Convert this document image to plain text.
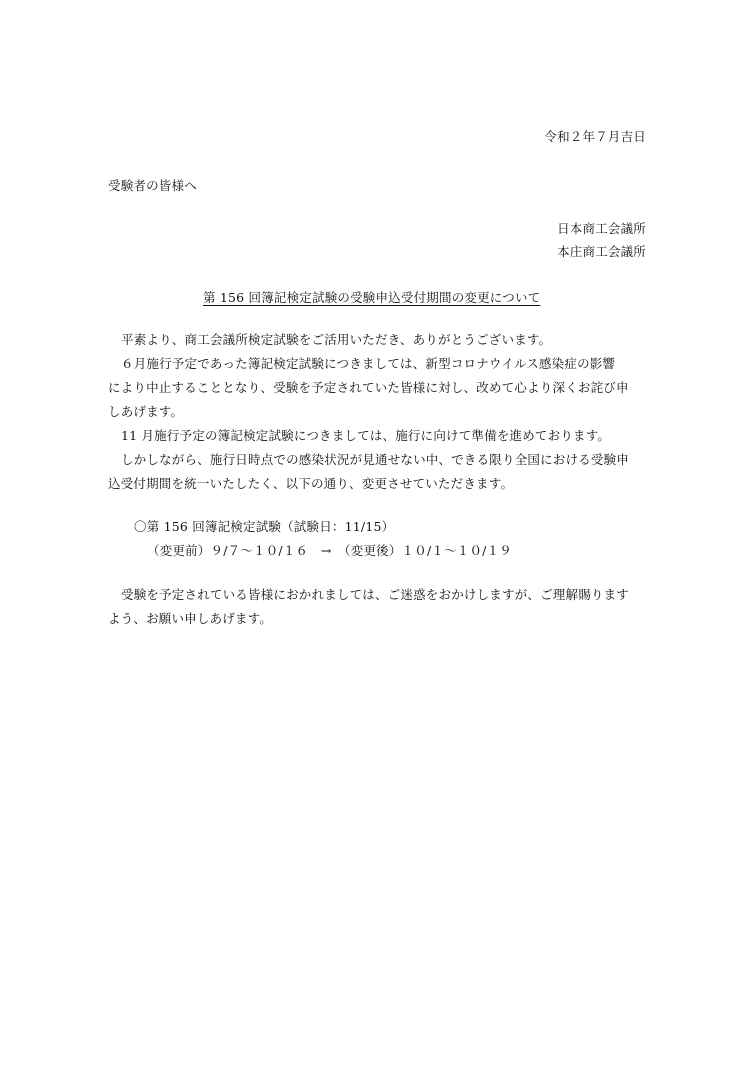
令和２年７月吉日
受験者の皆様へ
日本商工会議所
本庄商工会議所
第 156 回簿記検定試験の受験申込受付期間の変更について
平素より、商工会議所検定試験をご活用いただき、ありがとうございます。
６月施行予定であった簿記検定試験につきましては、新型コロナウイルス感染症の影響
により中止することとなり、受験を予定されていた皆様に対し、改めて心より深くお詫び申
しあげます。
11 月施行予定の簿記検定試験につきましては、施行に向けて準備を進めております。
しかしながら、施行日時点での感染状況が見通せない中、できる限り全国における受験申
込受付期間を統一いたしたく、以下の通り、変更させていただきます。
〇第 156 回簿記検定試験（試験日：11/15）
（変更前）９/７～１０/１６　→　（変更後）１０/１～１０/１９
受験を予定されている皆様におかれましては、ご迷惑をおかけしますが、ご理解賜ります
よう、お願い申しあげます。
